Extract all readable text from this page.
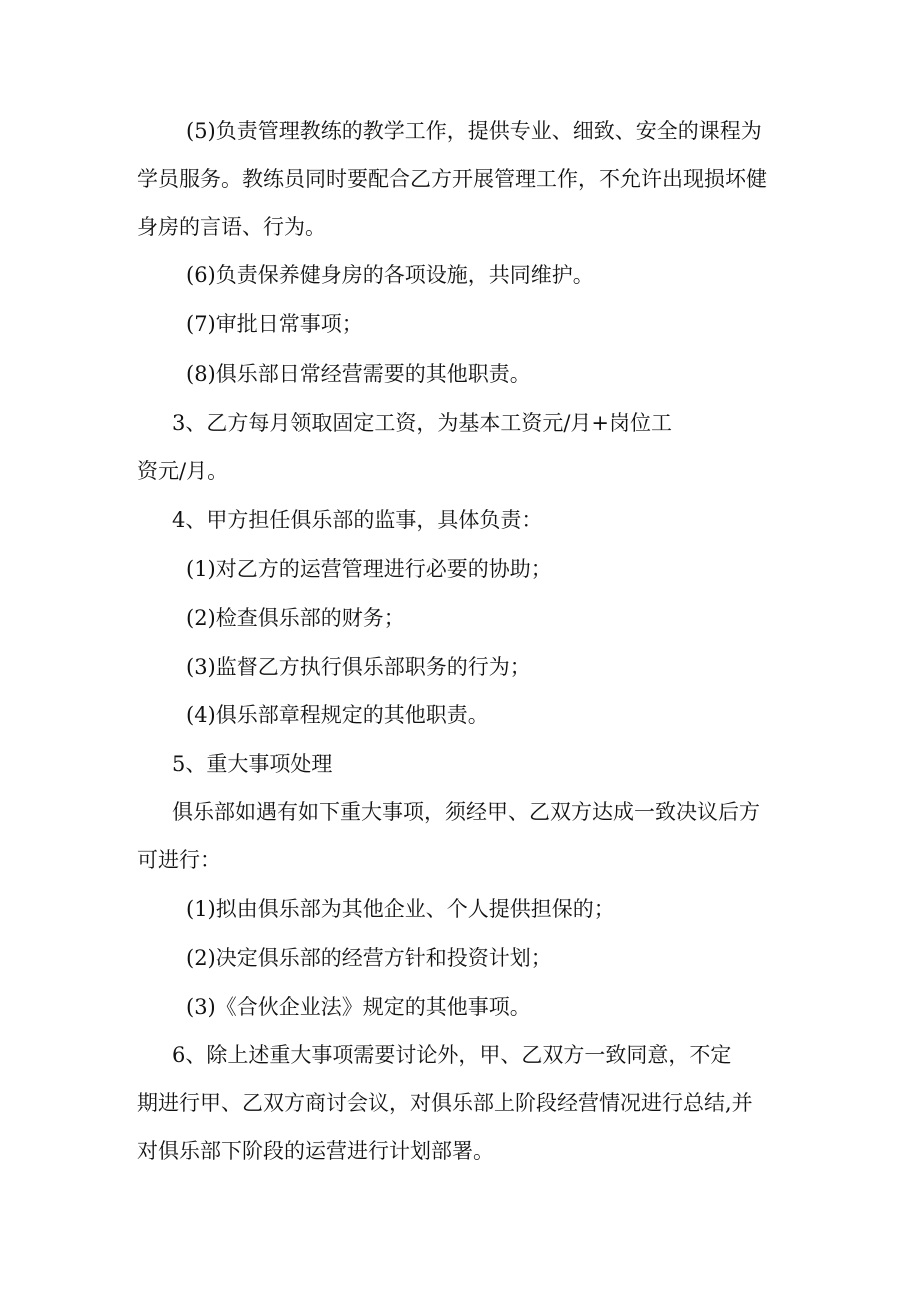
(5)负责管理教练的教学工作，提供专业、细致、安全的课程为

学员服务。教练员同时要配合乙方开展管理工作，不允许出现损坏健

身房的言语、行为。

(6)负责保养健身房的各项设施，共同维护。

(7)审批日常事项；

(8)俱乐部日常经营需要的其他职责。

3、乙方每月领取固定工资，为基本工资元/月+岗位工

资元/月。

4、甲方担任俱乐部的监事，具体负责：

(1)对乙方的运营管理进行必要的协助；

(2)检查俱乐部的财务；

(3)监督乙方执行俱乐部职务的行为；

(4)俱乐部章程规定的其他职责。

5、重大事项处理

俱乐部如遇有如下重大事项，须经甲、乙双方达成一致决议后方

可进行：

(1)拟由俱乐部为其他企业、个人提供担保的；

(2)决定俱乐部的经营方针和投资计划；

(3)《合伙企业法》规定的其他事项。

6、除上述重大事项需要讨论外，甲、乙双方一致同意，不定

期进行甲、乙双方商讨会议，对俱乐部上阶段经营情况进行总结,并

对俱乐部下阶段的运营进行计划部署。
